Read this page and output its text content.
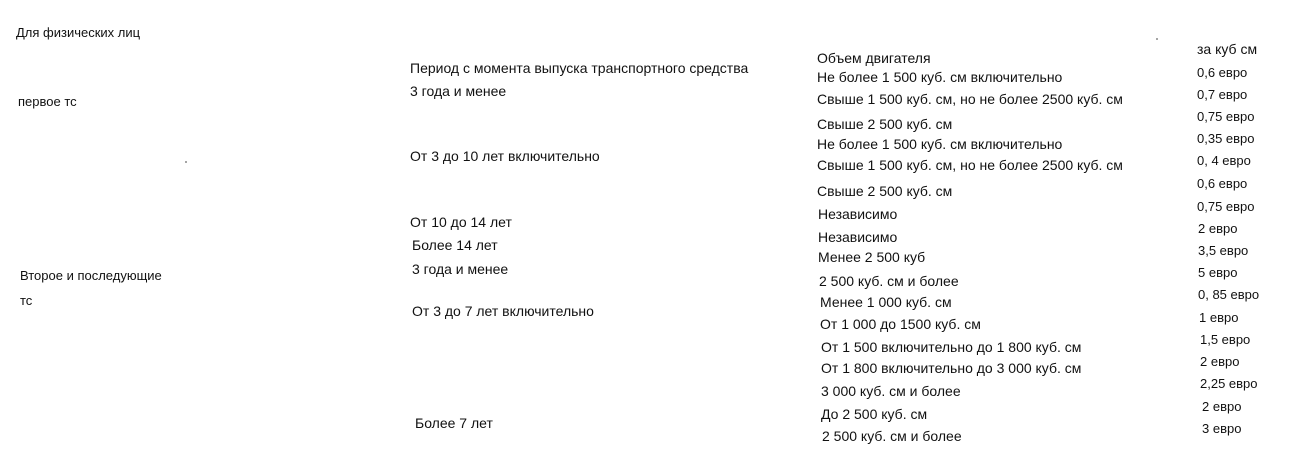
Для физических лиц
Период с момента выпуска транспортного средства
Объем двигателя
за куб см
первое тс
3 года и менее
От 3 до 10 лет включительно
От 10 до 14 лет
Более 14 лет
Второе и последующие
тс
3 года и менее
От 3 до 7 лет включительно
Более 7 лет
Не более 1 500 куб. см включительно
Свыше 1 500 куб. см, но не более 2500 куб. см
Свыше 2 500 куб. см
Не более 1 500 куб. см включительно
Свыше 1 500 куб. см, но не более 2500 куб. см
Свыше 2 500 куб. см
Независимо
Независимо
Менее 2 500 куб
2 500 куб. см и более
Менее 1 000 куб. см
От 1 000 до 1500 куб. см
От 1 500 включительно до 1 800 куб. см
От 1 800 включительно до 3 000 куб. см
3 000 куб. см и более
До 2 500 куб. см
2 500 куб. см и более
0,6 евро
0,7 евро
0,75 евро
0,35 евро
0, 4 евро
0,6 евро
0,75 евро
2 евро
3,5 евро
5 евро
0, 85 евро
1 евро
1,5 евро
2 евро
2,25 евро
2 евро
3 евро
